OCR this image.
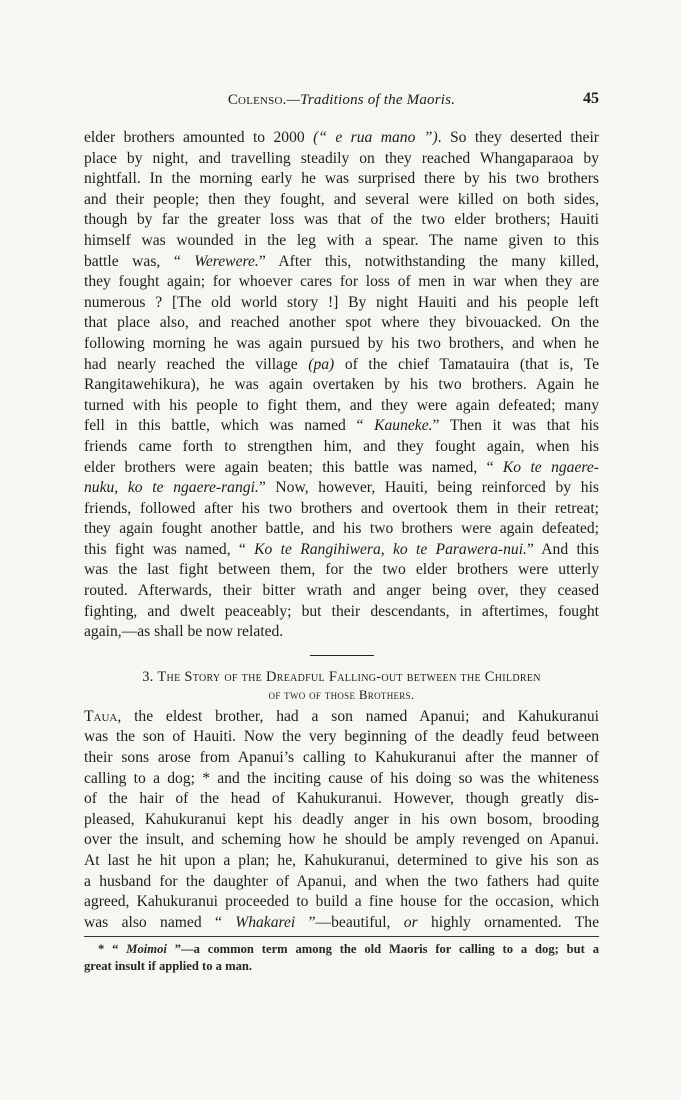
Colenso.—Traditions of the Maoris.	45
elder brothers amounted to 2000 (“ e rua mano ”). So they deserted their
place by night, and travelling steadily on they reached Whangaparaoa by
nightfall. In the morning early he was surprised there by his two brothers
and their people; then they fought, and several were killed on both sides,
though by far the greater loss was that of the two elder brothers; Hauiti
himself was wounded in the leg with a spear. The name given to this
battle was, “ Werewere.” After this, notwithstanding the many killed,
they fought again; for whoever cares for loss of men in war when they are
numerous ? [The old world story !] By night Hauiti and his people left
that place also, and reached another spot where they bivouacked. On the
following morning he was again pursued by his two brothers, and when he
had nearly reached the village (pa) of the chief Tamatauira (that is, Te
Rangitawehikura), he was again overtaken by his two brothers. Again he
turned with his people to fight them, and they were again defeated; many
fell in this battle, which was named “ Kauneke.” Then it was that his
friends came forth to strengthen him, and they fought again, when his
elder brothers were again beaten; this battle was named, “ Ko te ngaere-
nuku, ko te ngaere-rangi.” Now, however, Hauiti, being reinforced by his
friends, followed after his two brothers and overtook them in their retreat;
they again fought another battle, and his two brothers were again defeated;
this fight was named, “ Ko te Rangihiwera, ko te Parawera-nui.” And this
was the last fight between them, for the two elder brothers were utterly
routed. Afterwards, their bitter wrath and anger being over, they ceased
fighting, and dwelt peaceably; but their descendants, in aftertimes, fought
again,—as shall be now related.
3. The Story of the Dreadful Falling-out between the Children
of two of those Brothers.
Taua, the eldest brother, had a son named Apanui; and Kahukuranui
was the son of Hauiti. Now the very beginning of the deadly feud between
their sons arose from Apanui’s calling to Kahukuranui after the manner of
calling to a dog; * and the inciting cause of his doing so was the whiteness
of the hair of the head of Kahukuranui. However, though greatly dis-
pleased, Kahukuranui kept his deadly anger in his own bosom, brooding
over the insult, and scheming how he should be amply revenged on Apanui.
At last he hit upon a plan; he, Kahukuranui, determined to give his son as
a husband for the daughter of Apanui, and when the two fathers had quite
agreed, Kahukuranui proceeded to build a fine house for the occasion, which
was also named “ Whakarei ”—beautiful, or highly ornamented. The
* “ Moimoi ”—a common term among the old Maoris for calling to a dog; but a
great insult if applied to a man.
